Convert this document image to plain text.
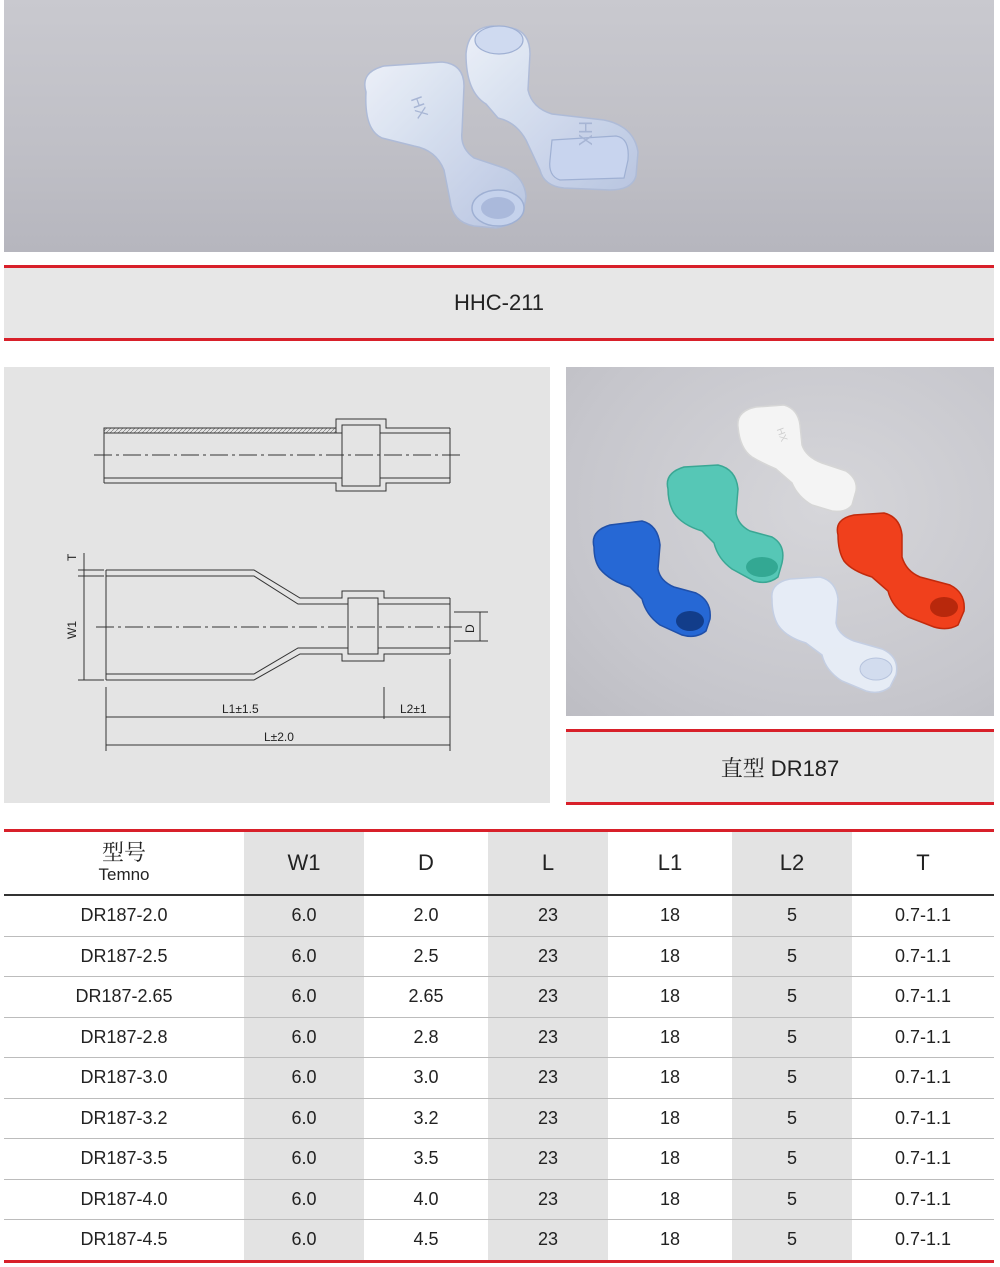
HX
HX
HHC-211
T
W1	D
L1±1.5	L2±1
L±2.0
HX
直型 DR187
型号
Temno	W1	D	L	L1	L2	T
DR187-2.0	6.0	2.0	23	18	5	0.7-1.1
DR187-2.5	6.0	2.5	23	18	5	0.7-1.1
DR187-2.65	6.0	2.65	23	18	5	0.7-1.1
DR187-2.8	6.0	2.8	23	18	5	0.7-1.1
DR187-3.0	6.0	3.0	23	18	5	0.7-1.1
DR187-3.2	6.0	3.2	23	18	5	0.7-1.1
DR187-3.5	6.0	3.5	23	18	5	0.7-1.1
DR187-4.0	6.0	4.0	23	18	5	0.7-1.1
DR187-4.5	6.0	4.5	23	18	5	0.7-1.1
